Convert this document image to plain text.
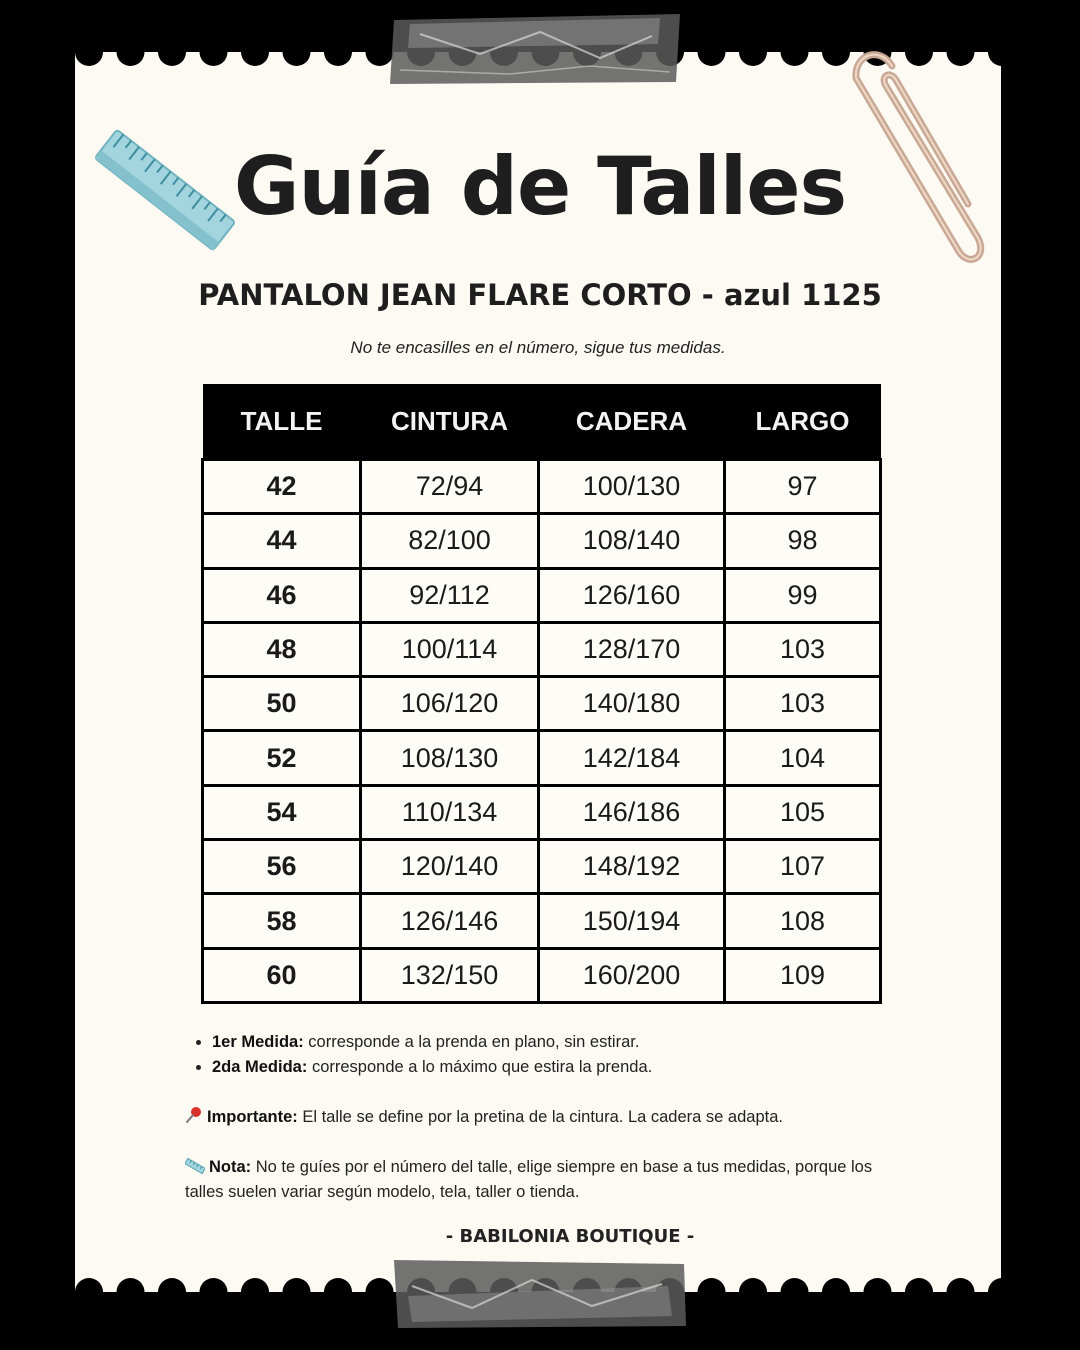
Guía de Talles
PANTALON JEAN FLARE CORTO - azul 1125
No te encasilles en el número, sigue tus medidas.
TALLE	CINTURA	CADERA	LARGO
42	72/94	100/130	97
44	82/100	108/140	98
46	92/112	126/160	99
48	100/114	128/170	103
50	106/120	140/180	103
52	108/130	142/184	104
54	110/134	146/186	105
56	120/140	148/192	107
58	126/146	150/194	108
60	132/150	160/200	109
• 1er Medida: corresponde a la prenda en plano, sin estirar.
• 2da Medida: corresponde a lo máximo que estira la prenda.
Importante: El talle se define por la pretina de la cintura. La cadera se adapta.
Nota: No te guíes por el número del talle, elige siempre en base a tus medidas, porque los talles suelen variar según modelo, tela, taller o tienda.
- BABILONIA BOUTIQUE -
